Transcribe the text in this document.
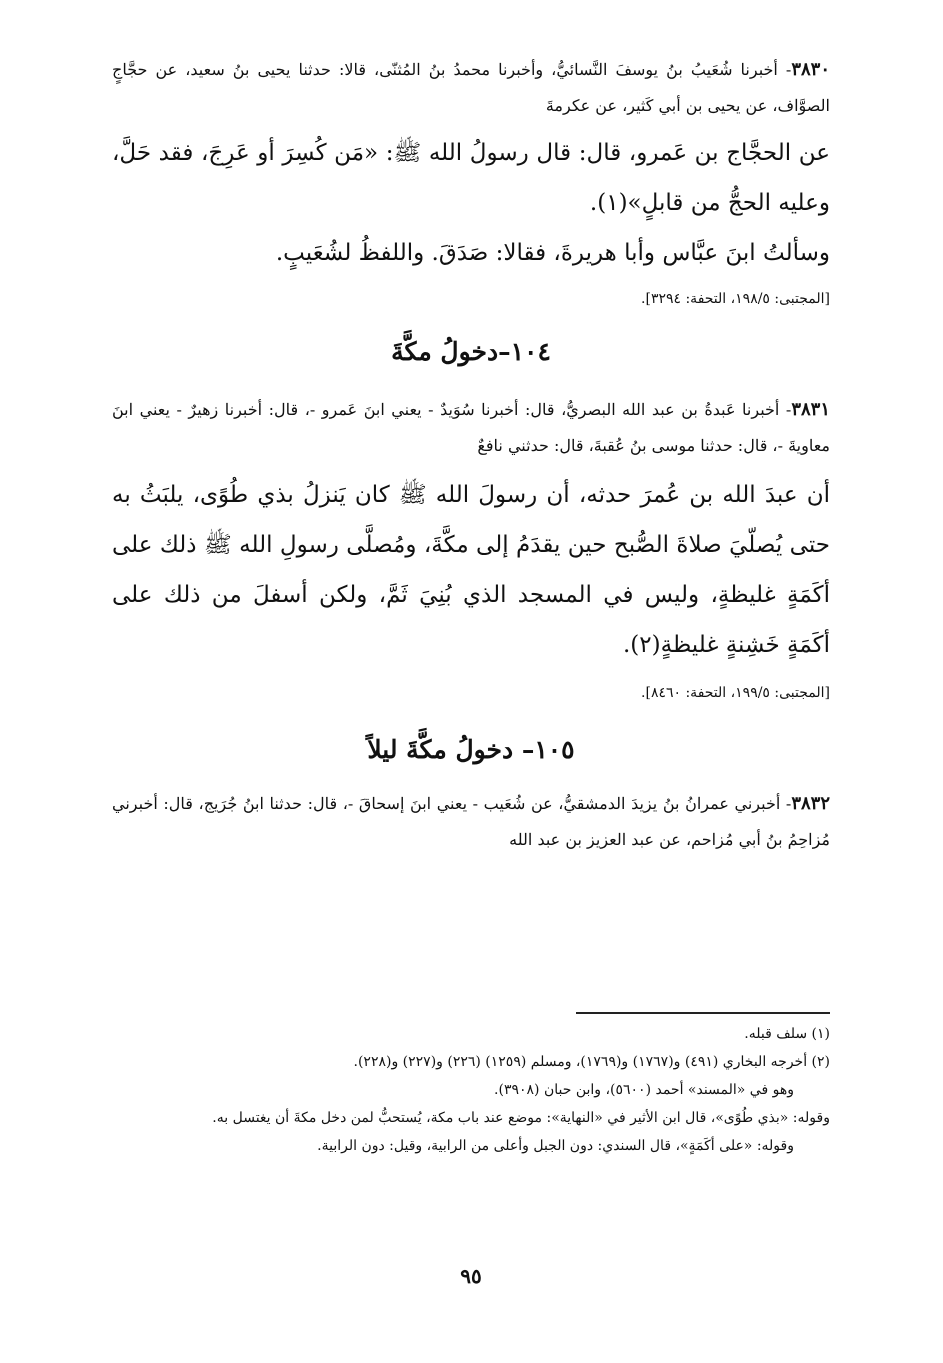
٣٨٣٠- أخبرنا شُعَيبُ بنُ يوسفَ النَّسائيُّ، وأخبرنا محمدُ بنُ المُثنّى، قالا: حدثنا يحيى بنُ سعيد، عن حجَّاجٍ الصوَّاف، عن يحيى بن أبي كَثير، عن عكرمةَ

عن الحجَّاج بن عَمرو، قال: قال رسولُ الله ﷺ: «مَن كُسِرَ أو عَرِجَ، فقد حَلَّ، وعليه الحجُّ من قابلٍ»(١).

وسألتُ ابنَ عبَّاس وأبا هريرةَ، فقالا: صَدَقَ. واللفظُ لشُعَيبٍ.

[المجتبى: ١٩٨/٥، التحفة: ٣٢٩٤].

١٠٤–دخولُ مكَّةَ

٣٨٣١- أخبرنا عَبدةُ بن عبد الله البصريُّ، قال: أخبرنا سُوَيدٌ - يعني ابنَ عَمرو -، قال: أخبرنا زهيرٌ - يعني ابنَ معاويةَ -، قال: حدثنا موسى بنُ عُقبةَ، قال: حدثني نافعٌ

أن عبدَ الله بن عُمرَ حدثه، أن رسولَ الله ﷺ كان يَنزلُ بذي طُوًى، يلبَثُ به حتى يُصلّيَ صلاةَ الصُّبح حين يقدَمُ إلى مكَّةَ، ومُصلَّى رسولِ الله ﷺ ذلك على أكَمَةٍ غليظةٍ، وليس في المسجد الذي بُنِيَ ثَمَّ، ولكن أسفلَ من ذلك على أكَمَةٍ خَشِنةٍ غليظةٍ(٢).

[المجتبى: ١٩٩/٥، التحفة: ٨٤٦٠].

١٠٥– دخولُ مكَّةَ ليلاً

٣٨٣٢- أخبرني عمرانُ بنُ يزيدَ الدمشقيُّ، عن شُعَيب - يعني ابنَ إسحاقَ -، قال: حدثنا ابنُ جُرَيج، قال: أخبرني مُزاحِمُ بنُ أبي مُزاحم، عن عبد العزيز بن عبد الله

(١) سلف قبله.

(٢) أخرجه البخاري (٤٩١) و(١٧٦٧) و(١٧٦٩)، ومسلم (١٢٥٩) (٢٢٦) و(٢٢٧) و(٢٢٨).

وهو في «المسند» أحمد (٥٦٠٠)، وابن حبان (٣٩٠٨).

وقوله: «بذي طُوًى»، قال ابن الأثير في «النهاية»: موضع عند باب مكة، يُستحبُّ لمن دخل مكةَ أن يغتسل به.

وقوله: «على أكَمَةٍ»، قال السندي: دون الجبل وأعلى من الرابية، وقيل: دون الرابية.

٩٥
